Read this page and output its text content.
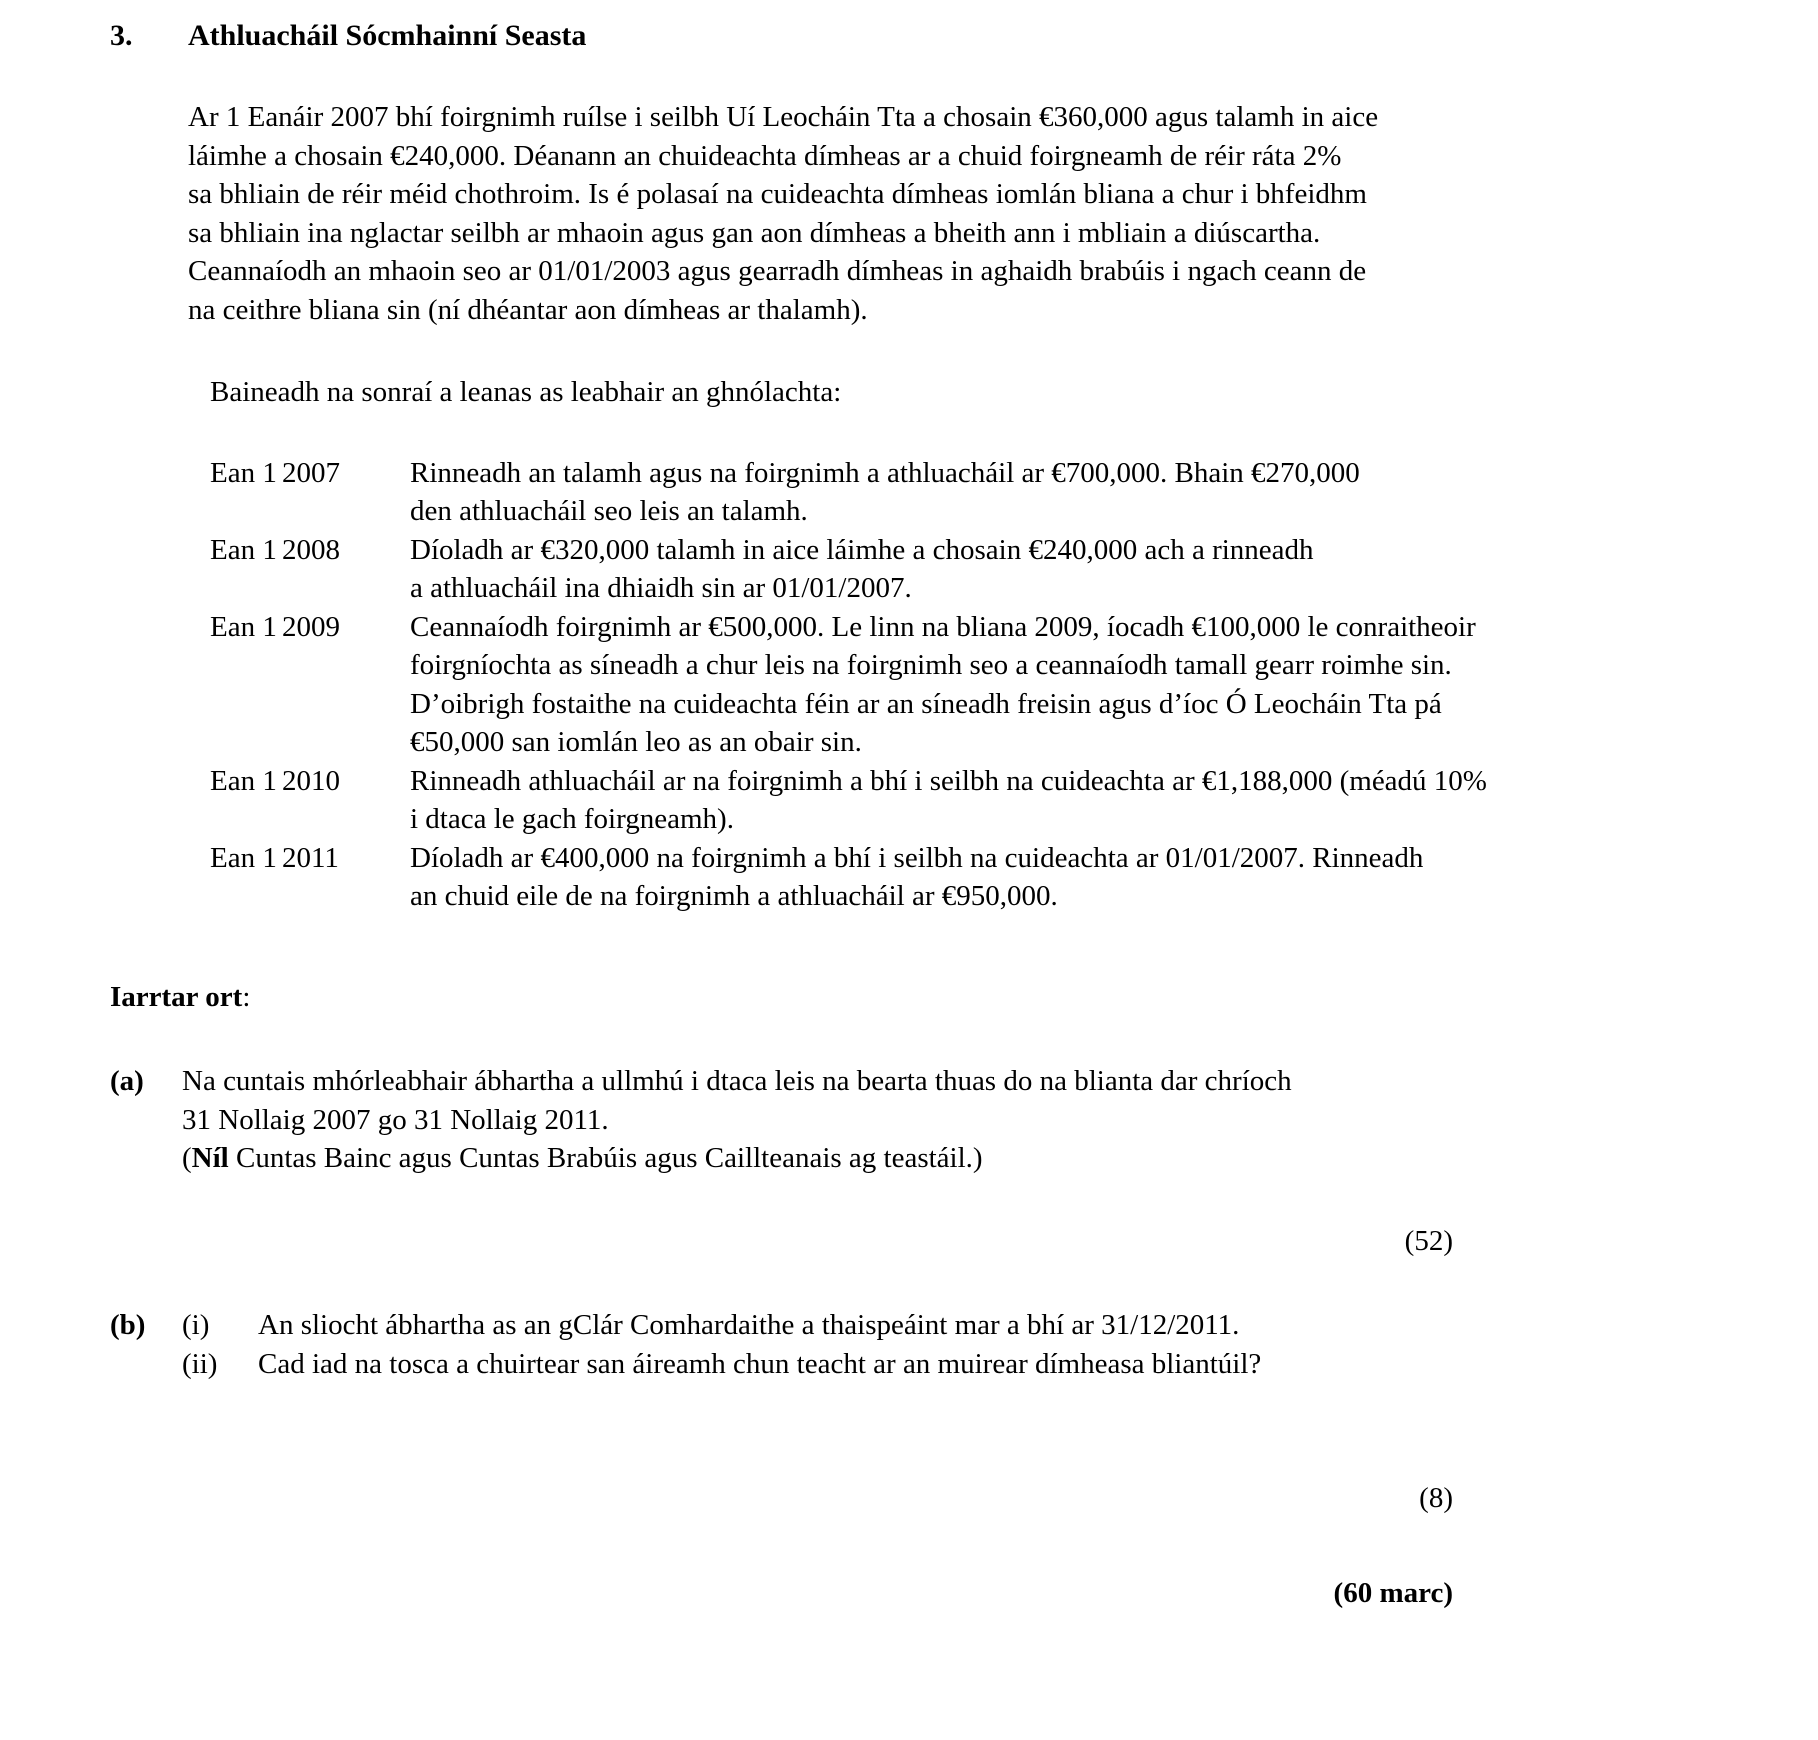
3.	Athluacháil Sócmhainní Seasta
Ar 1 Eanáir 2007 bhí foirgnimh ruílse i seilbh Uí Leocháin Tta a chosain €360,000 agus talamh in aice
láimhe a chosain €240,000. Déanann an chuideachta dímheas ar a chuid foirgneamh de réir ráta 2%
sa bhliain de réir méid chothroim. Is é polasaí na cuideachta dímheas iomlán bliana a chur i bhfeidhm
sa bhliain ina nglactar seilbh ar mhaoin agus gan aon dímheas a bheith ann i mbliain a diúscartha.
Ceannaíodh an mhaoin seo ar 01/01/2003 agus gearradh dímheas in aghaidh brabúis i ngach ceann de
na ceithre bliana sin (ní dhéantar aon dímheas ar thalamh).
Baineadh na sonraí a leanas as leabhair an ghnólachta:
Ean 1 2007	Rinneadh an talamh agus na foirgnimh a athluacháil ar €700,000. Bhain €270,000

den athluacháil seo leis an talamh.

Ean 1 2008	Díoladh ar €320,000 talamh in aice láimhe a chosain €240,000 ach a rinneadh

a athluacháil ina dhiaidh sin ar 01/01/2007.

Ean 1 2009	Ceannaíodh foirgnimh ar €500,000. Le linn na bliana 2009, íocadh €100,000 le conraitheoir

foirgníochta as síneadh a chur leis na foirgnimh seo a ceannaíodh tamall gearr roimhe sin.

D’oibrigh fostaithe na cuideachta féin ar an síneadh freisin agus d’íoc Ó Leocháin Tta pá

€50,000 san iomlán leo as an obair sin.

Ean 1 2010	Rinneadh athluacháil ar na foirgnimh a bhí i seilbh na cuideachta ar €1,188,000 (méadú 10%

i dtaca le gach foirgneamh).

Ean 1 2011	Díoladh ar €400,000 na foirgnimh a bhí i seilbh na cuideachta ar 01/01/2007. Rinneadh

an chuid eile de na foirgnimh a athluacháil ar €950,000.

Iarrtar ort:
(a)	Na cuntais mhórleabhair ábhartha a ullmhú i dtaca leis na bearta thuas do na blianta dar chríoch

31 Nollaig 2007 go 31 Nollaig 2011.

(Níl Cuntas Bainc agus Cuntas Brabúis agus Caillteanais ag teastáil.)

(52)
(b)	(i)	An sliocht ábhartha as an gClár Comhardaithe a thaispeáint mar a bhí ar 31/12/2011.
(ii)	Cad iad na tosca a chuirtear san áireamh chun teacht ar an muirear dímheasa bliantúil?
(8)
(60 marc)
